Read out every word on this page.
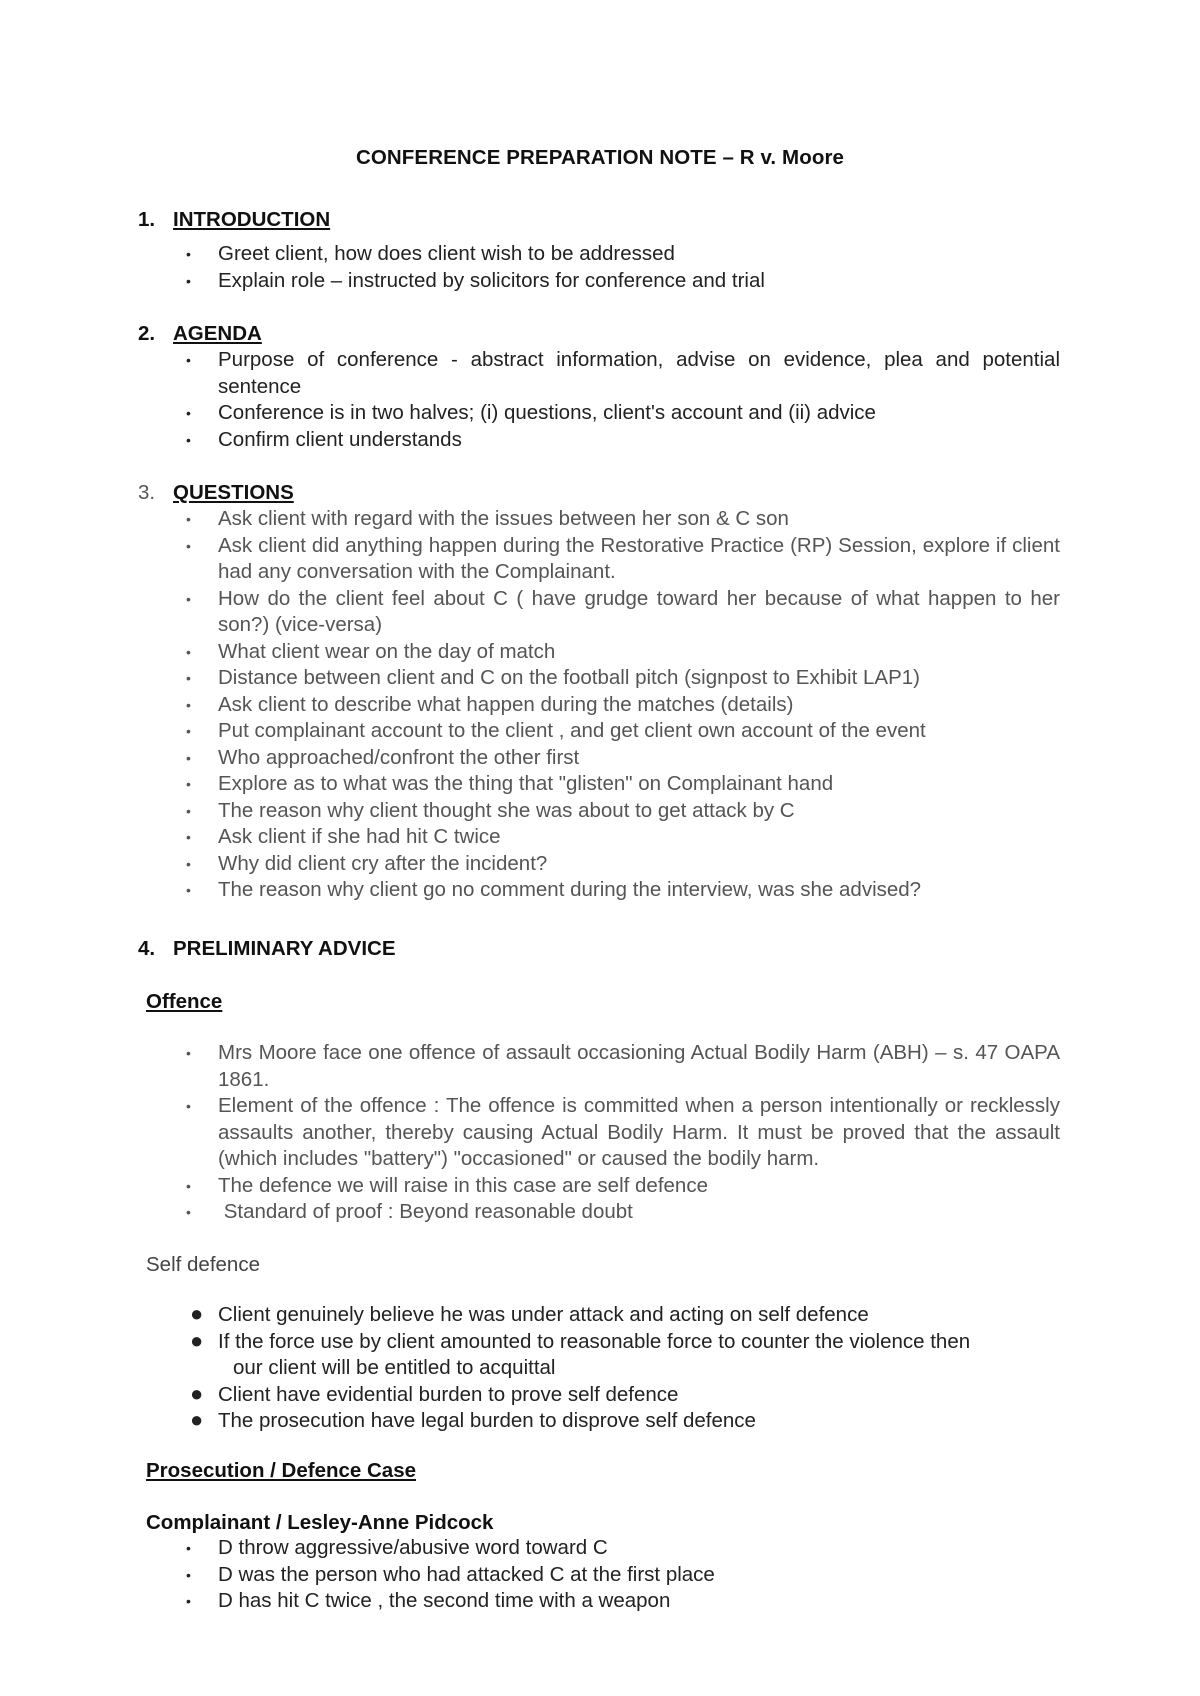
CONFERENCE PREPARATION NOTE – R v. Moore
1. INTRODUCTION
• Greet client, how does client wish to be addressed
• Explain role – instructed by solicitors for conference and trial
2. AGENDA
• Purpose of conference - abstract information, advise on evidence, plea and potential sentence
• Conference is in two halves; (i) questions, client's account and (ii) advice
• Confirm client understands
3. QUESTIONS
• Ask client with regard with the issues between her son & C son
• Ask client did anything happen during the Restorative Practice (RP) Session, explore if client had any conversation with the Complainant.
• How do the client feel about C ( have grudge toward her because of what happen to her son?) (vice-versa)
• What client wear on the day of match
• Distance between client and C on the football pitch (signpost to Exhibit LAP1)
• Ask client to describe what happen during the matches (details)
• Put complainant account to the client , and get client own account of the event
• Who approached/confront the other first
• Explore as to what was the thing that "glisten" on Complainant hand
• The reason why client thought she was about to get attack by C
• Ask client if she had hit C twice
• Why did client cry after the incident?
• The reason why client go no comment during the interview, was she advised?
4. PRELIMINARY ADVICE
Offence
• Mrs Moore face one offence of assault occasioning Actual Bodily Harm (ABH) – s. 47 OAPA 1861.
• Element of the offence : The offence is committed when a person intentionally or recklessly assaults another, thereby causing Actual Bodily Harm. It must be proved that the assault (which includes "battery") "occasioned" or caused the bodily harm.
• The defence we will raise in this case are self defence
• Standard of proof : Beyond reasonable doubt
Self defence
● Client genuinely believe he was under attack and acting on self defence
● If the force use by client amounted to reasonable force to counter the violence then
our client will be entitled to acquittal
● Client have evidential burden to prove self defence
● The prosecution have legal burden to disprove self defence
Prosecution / Defence Case
Complainant / Lesley-Anne Pidcock
• D throw aggressive/abusive word toward C
• D was the person who had attacked C at the first place
• D has hit C twice , the second time with a weapon
